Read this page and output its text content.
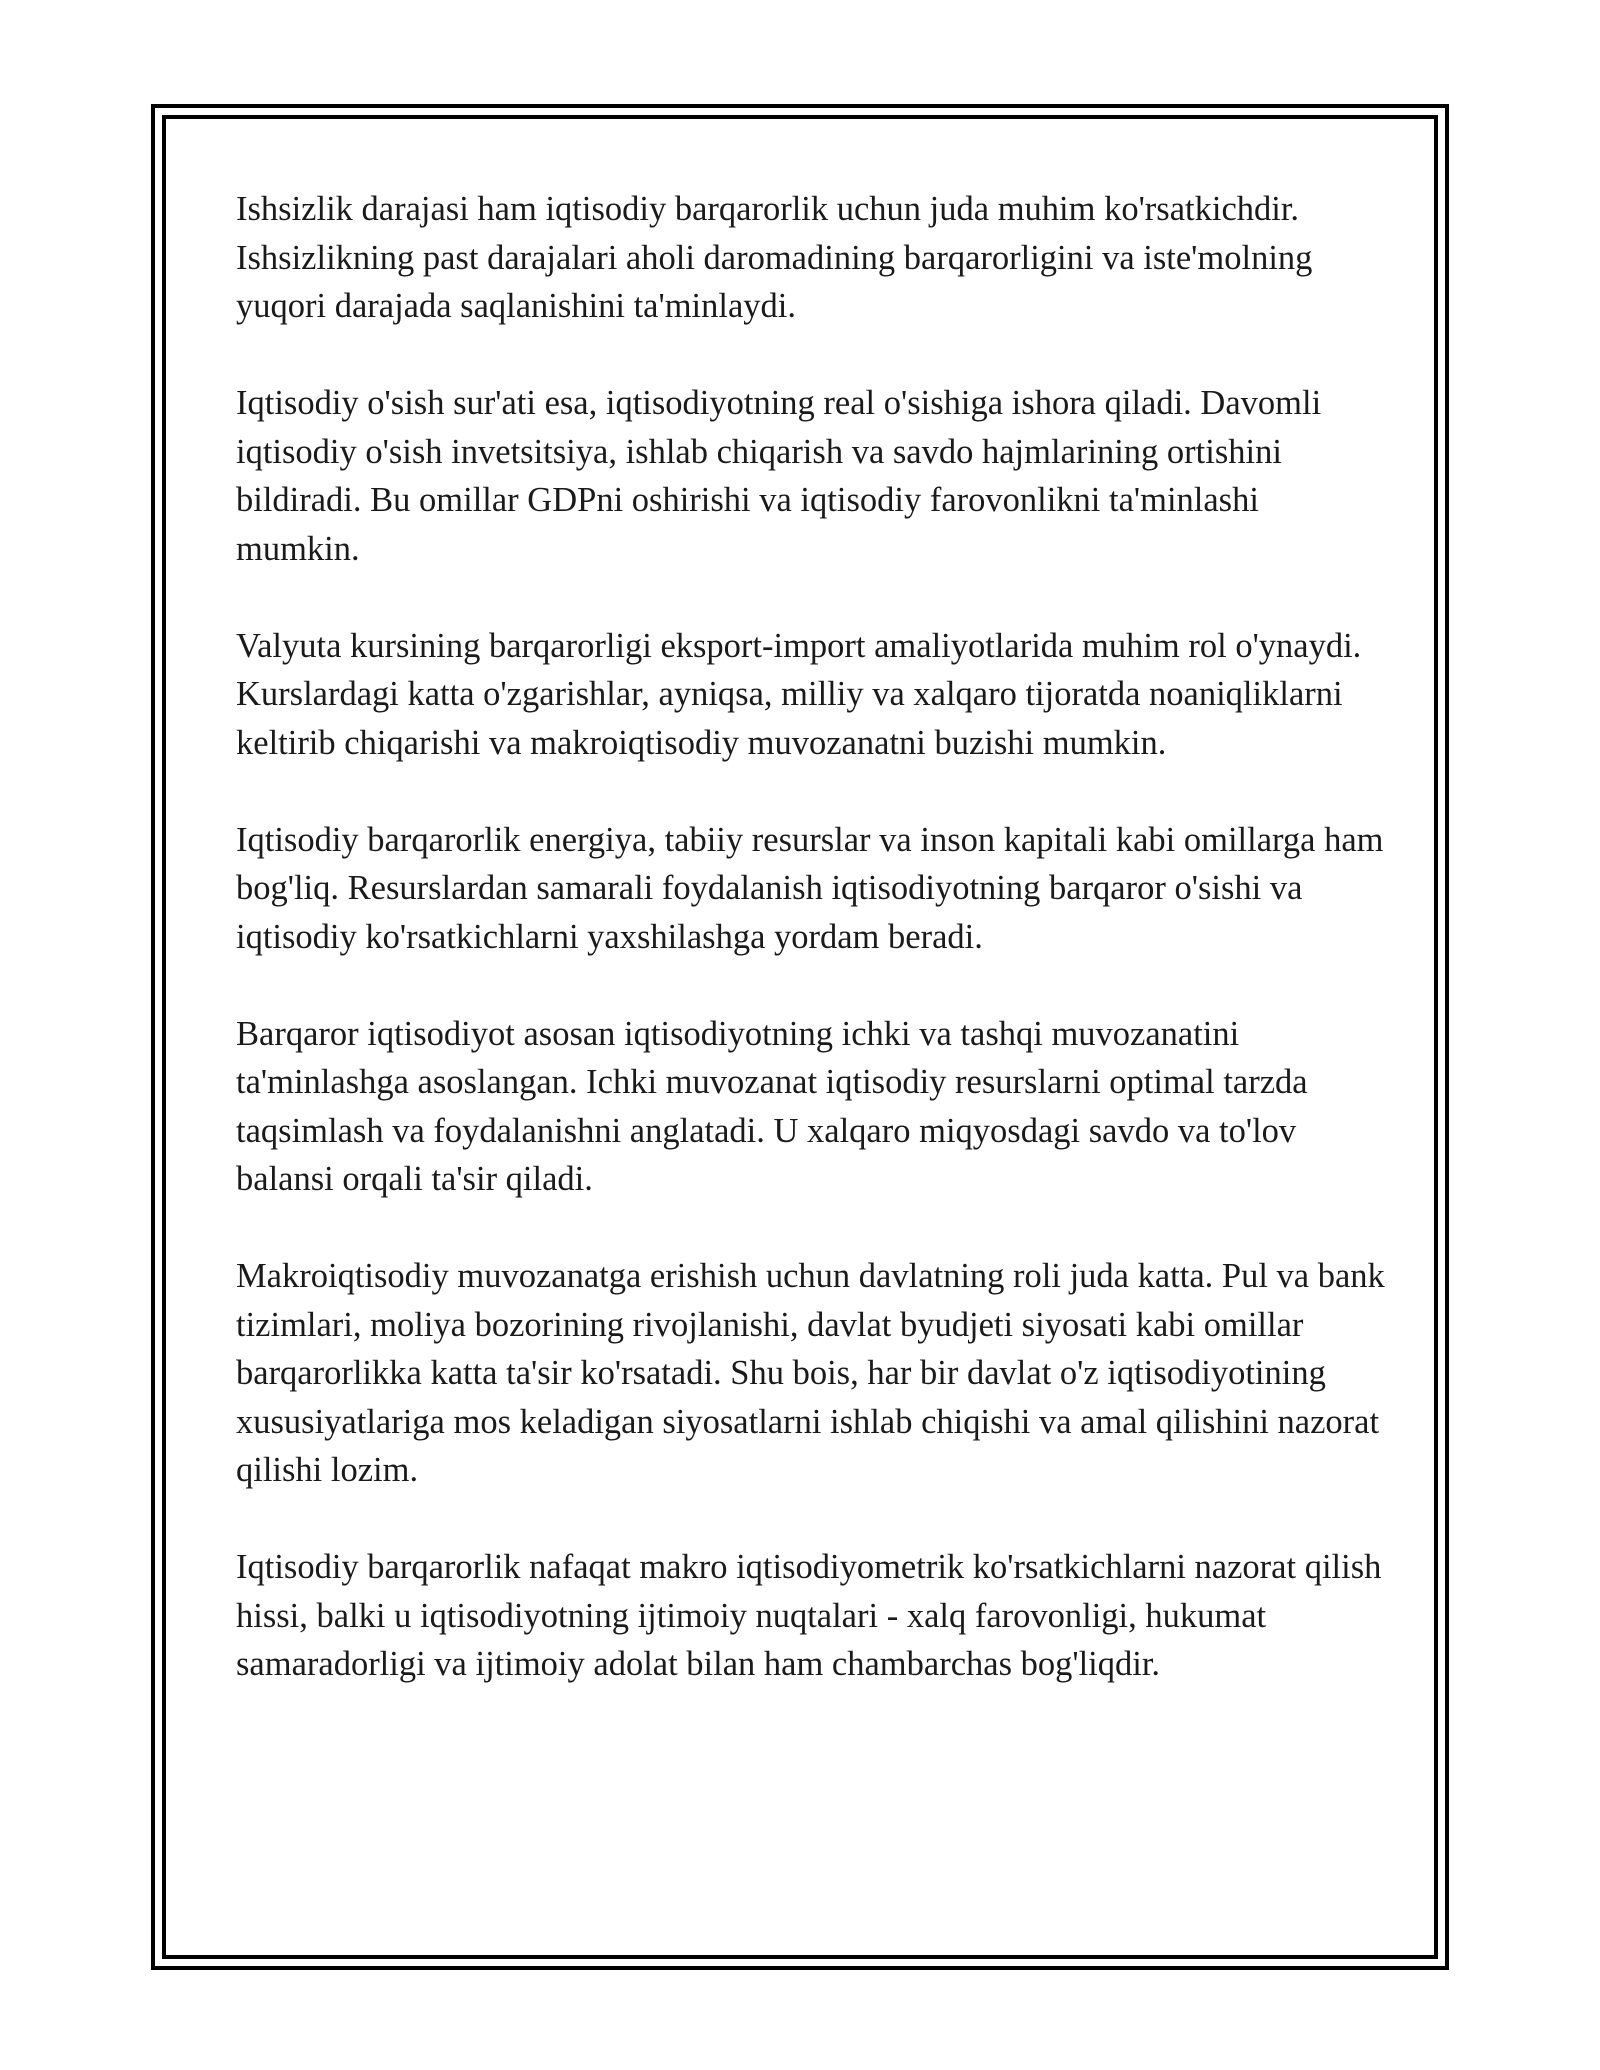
Ishsizlik darajasi ham iqtisodiy barqarorlik uchun juda muhim ko'rsatkichdir. Ishsizlikning past darajalari aholi daromadining barqarorligini va iste'molning yuqori darajada saqlanishini ta'minlaydi.

Iqtisodiy o'sish sur'ati esa, iqtisodiyotning real o'sishiga ishora qiladi. Davomli iqtisodiy o'sish invetsitsiya, ishlab chiqarish va savdo hajmlarining ortishini bildiradi. Bu omillar GDPni oshirishi va iqtisodiy farovonlikni ta'minlashi mumkin.

Valyuta kursining barqarorligi eksport-import amaliyotlarida muhim rol o'ynaydi. Kurslardagi katta o'zgarishlar, ayniqsa, milliy va xalqaro tijoratda noaniqliklarni keltirib chiqarishi va makroiqtisodiy muvozanatni buzishi mumkin.

Iqtisodiy barqarorlik energiya, tabiiy resurslar va inson kapitali kabi omillarga ham bog'liq. Resurslardan samarali foydalanish iqtisodiyotning barqaror o'sishi va iqtisodiy ko'rsatkichlarni yaxshilashga yordam beradi.

Barqaror iqtisodiyot asosan iqtisodiyotning ichki va tashqi muvozanatini ta'minlashga asoslangan. Ichki muvozanat iqtisodiy resurslarni optimal tarzda taqsimlash va foydalanishni anglatadi. U xalqaro miqyosdagi savdo va to'lov balansi orqali ta'sir qiladi.

Makroiqtisodiy muvozanatga erishish uchun davlatning roli juda katta. Pul va bank tizimlari, moliya bozorining rivojlanishi, davlat byudjeti siyosati kabi omillar barqarorlikka katta ta'sir ko'rsatadi. Shu bois, har bir davlat o'z iqtisodiyotining xususiyatlariga mos keladigan siyosatlarni ishlab chiqishi va amal qilishini nazorat qilishi lozim.

Iqtisodiy barqarorlik nafaqat makro iqtisodiyometrik ko'rsatkichlarni nazorat qilish hissi, balki u iqtisodiyotning ijtimoiy nuqtalari - xalq farovonligi, hukumat samaradorligi va ijtimoiy adolat bilan ham chambarchas bog'liqdir.
